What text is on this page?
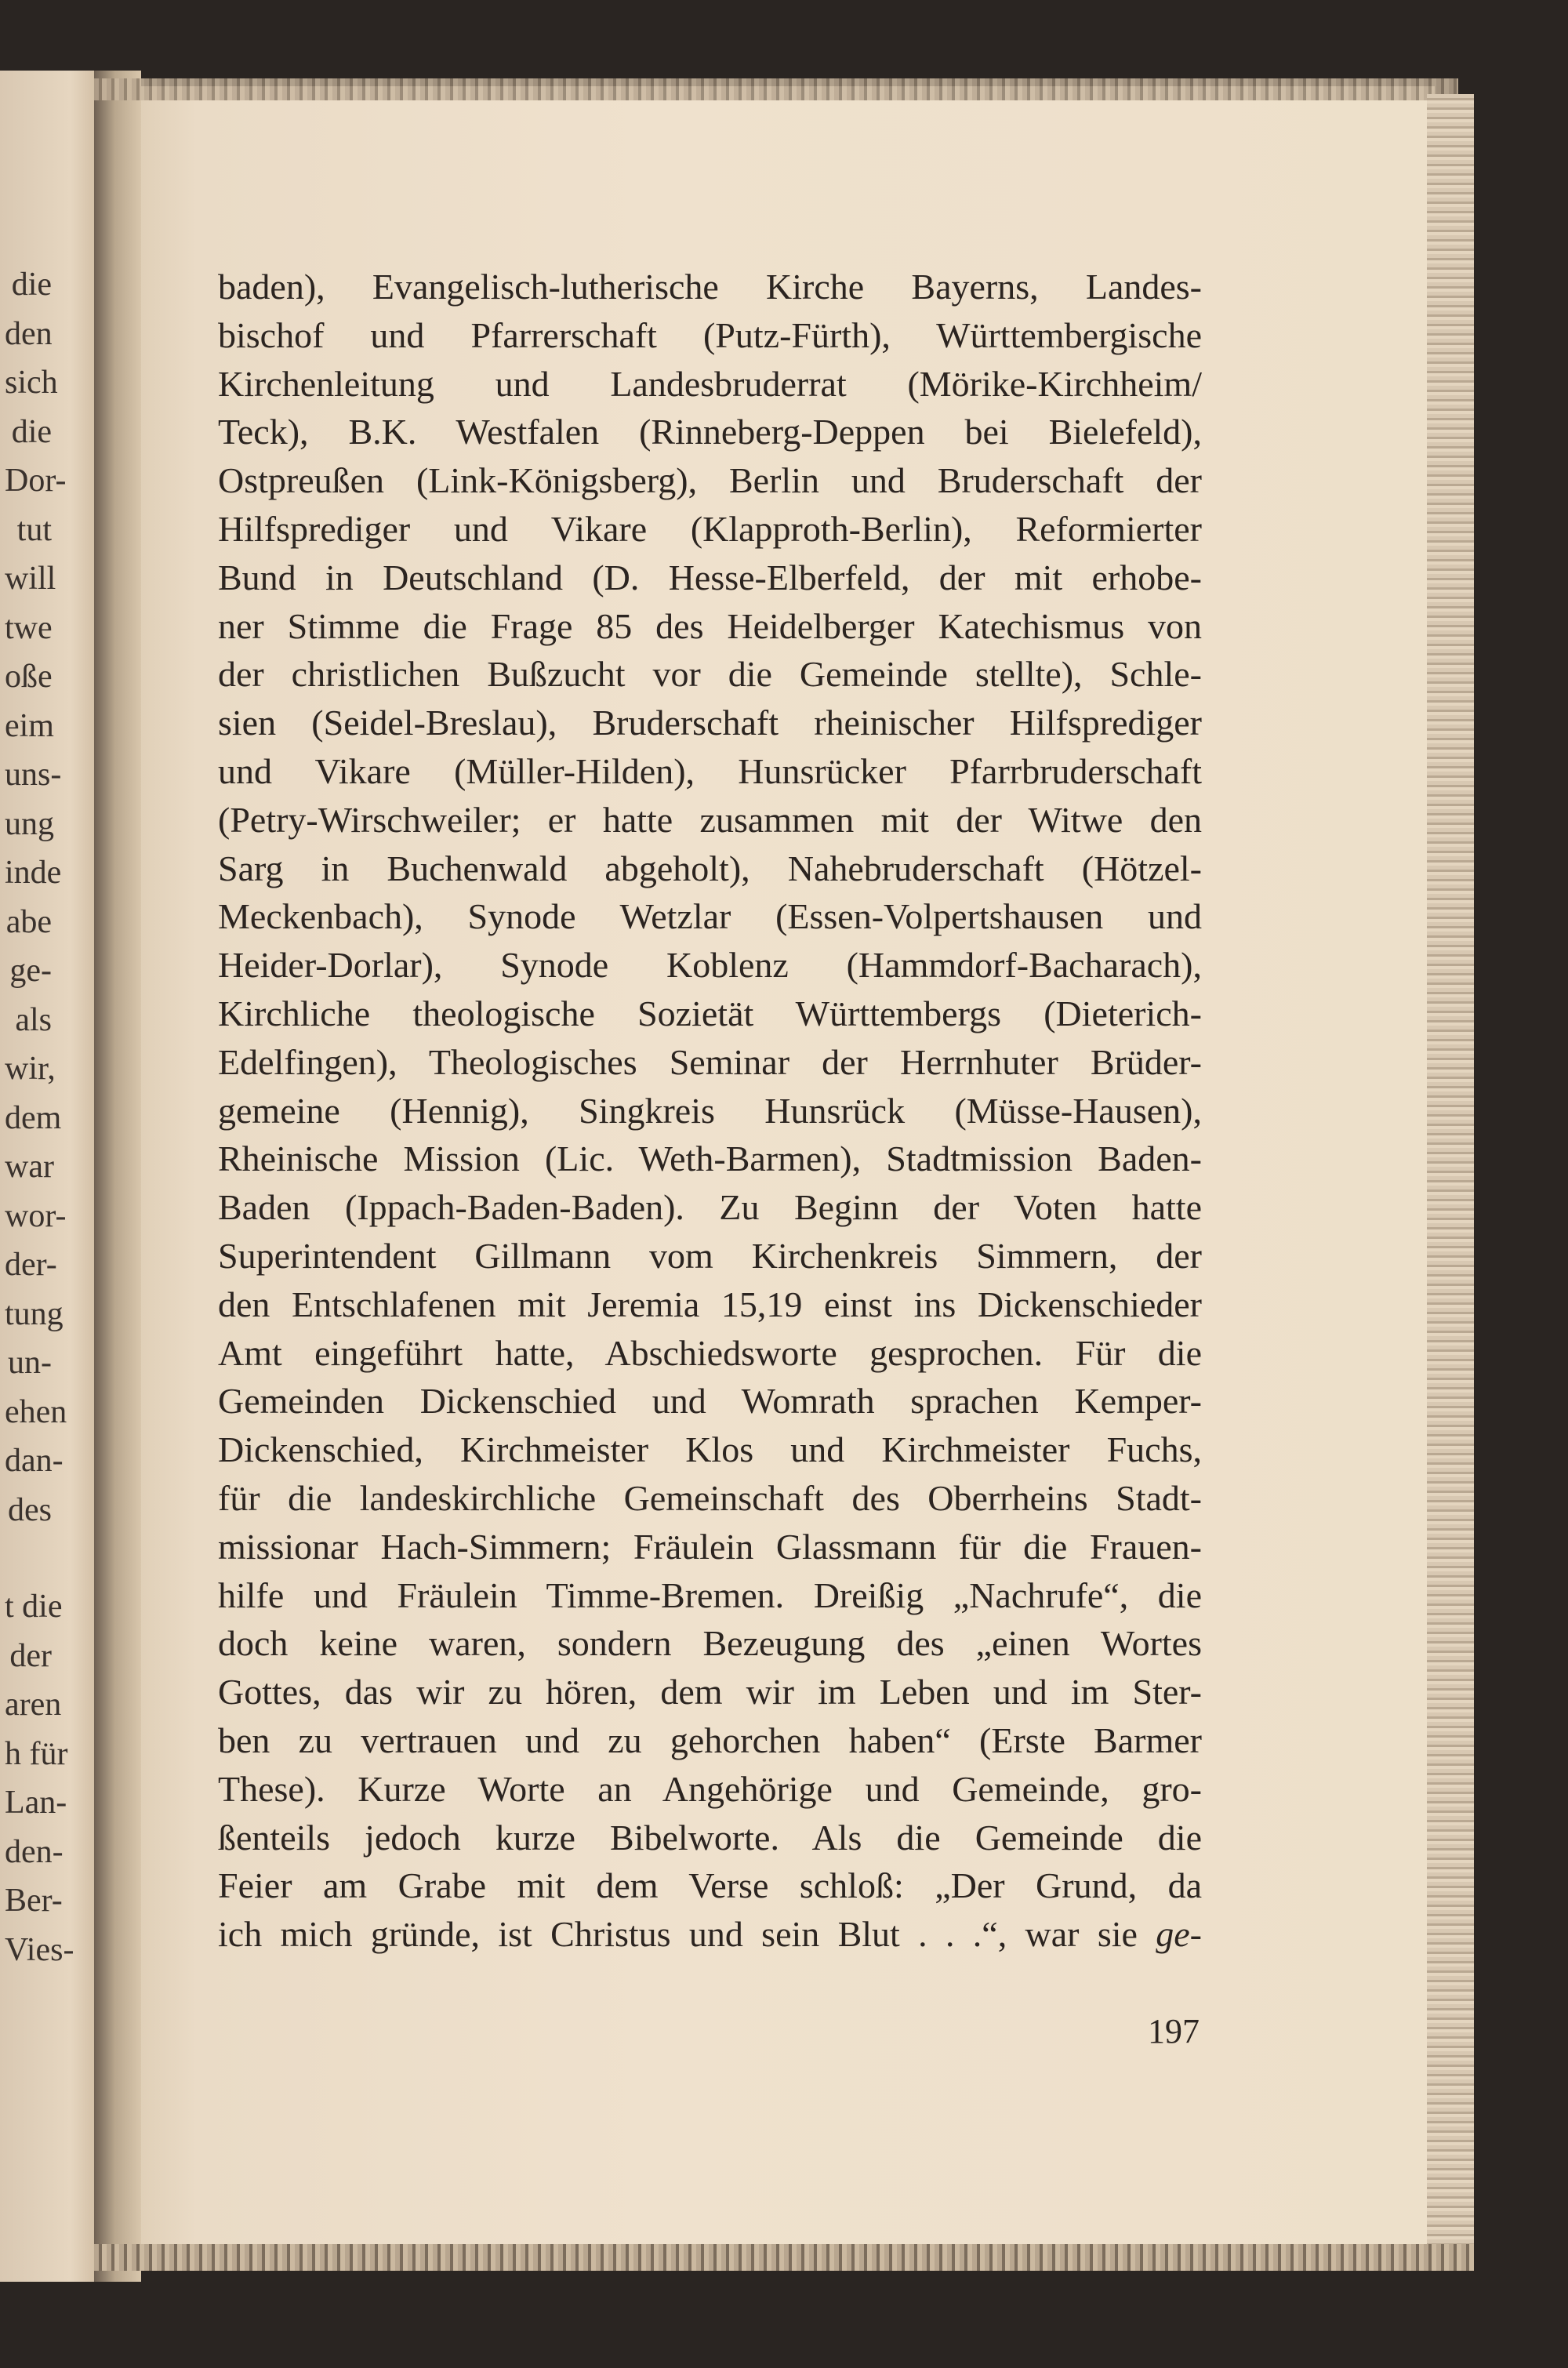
die
den
sich
die
Dor-
tut
will
twe
oße
eim
uns-
ung
inde
abe
ge-
als
wir,
dem
war
wor-
der-
tung
un-
ehen
dan-
des
t die
der
aren
h für
Lan-
den-
Ber-
Vies-
baden), Evangelisch-lutherische Kirche Bayerns, Landes-
bischof und Pfarrerschaft (Putz-Fürth), Württembergische
Kirchenleitung und Landesbruderrat (Mörike-Kirchheim/
Teck), B.K. Westfalen (Rinneberg-Deppen bei Bielefeld),
Ostpreußen (Link-Königsberg), Berlin und Bruderschaft der
Hilfsprediger und Vikare (Klapproth-Berlin), Reformierter
Bund in Deutschland (D. Hesse-Elberfeld, der mit erhobe-
ner Stimme die Frage 85 des Heidelberger Katechismus von
der christlichen Bußzucht vor die Gemeinde stellte), Schle-
sien (Seidel-Breslau), Bruderschaft rheinischer Hilfsprediger
und Vikare (Müller-Hilden), Hunsrücker Pfarrbruderschaft
(Petry-Wirschweiler; er hatte zusammen mit der Witwe den
Sarg in Buchenwald abgeholt), Nahebruderschaft (Hötzel-
Meckenbach), Synode Wetzlar (Essen-Volpertshausen und
Heider-Dorlar), Synode Koblenz (Hammdorf-Bacharach),
Kirchliche theologische Sozietät Württembergs (Dieterich-
Edelfingen), Theologisches Seminar der Herrnhuter Brüder-
gemeine (Hennig), Singkreis Hunsrück (Müsse-Hausen),
Rheinische Mission (Lic. Weth-Barmen), Stadtmission Baden-
Baden (Ippach-Baden-Baden). Zu Beginn der Voten hatte
Superintendent Gillmann vom Kirchenkreis Simmern, der
den Entschlafenen mit Jeremia 15,19 einst ins Dickenschieder
Amt eingeführt hatte, Abschiedsworte gesprochen. Für die
Gemeinden Dickenschied und Womrath sprachen Kemper-
Dickenschied, Kirchmeister Klos und Kirchmeister Fuchs,
für die landeskirchliche Gemeinschaft des Oberrheins Stadt-
missionar Hach-Simmern; Fräulein Glassmann für die Frauen-
hilfe und Fräulein Timme-Bremen. Dreißig „Nachrufe“, die
doch keine waren, sondern Bezeugung des „einen Wortes
Gottes, das wir zu hören, dem wir im Leben und im Ster-
ben zu vertrauen und zu gehorchen haben“ (Erste Barmer
These). Kurze Worte an Angehörige und Gemeinde, gro-
ßenteils jedoch kurze Bibelworte. Als die Gemeinde die
Feier am Grabe mit dem Verse schloß: „Der Grund, da
ich mich gründe, ist Christus und sein Blut . . .“, war sie ge-
197
